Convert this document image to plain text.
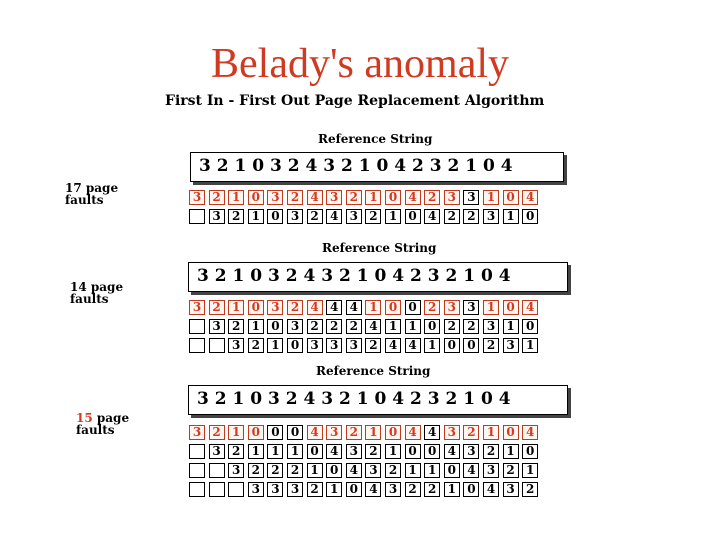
Belady's anomaly
First In - First Out Page Replacement Algorithm
Reference String
3 2 1 0 3 2 4 3 2 1 0 4 2 3 2 1 0 4
17 page
faults	3 2 1 0 3 2 4 3 2 1 0 4 2 3 3 1 0 4
3 2 1 0 3 2 4 3 2 1 0 4 2 2 3 1 0
Reference String
3 2 1 0 3 2 4 3 2 1 0 4 2 3 2 1 0 4
14 page
faults
3 2 1 0 3 2 4 4 4 1 0 0 2 3 3 1 0 4
3 2 1 0 3 2 2 2 4 1 1 0 2 2 3 1 0
3 2 1 0 3 3 3 2 4 4 1 0 0 2 3 1
Reference String
3 2 1 0 3 2 4 3 2 1 0 4 2 3 2 1 0 4
15 page
faults	3 2 1 0 0 0 4 3 2 1 0 4 4 3 2 1 0 4
3 2 1 1 1 0 4 3 2 1 0 0 4 3 2 1 0
3 2 2 2 1 0 4 3 2 1 1 0 4 3 2 1
3 3 3 2 1 0 4 3 2 2 1 0 4 3 2
